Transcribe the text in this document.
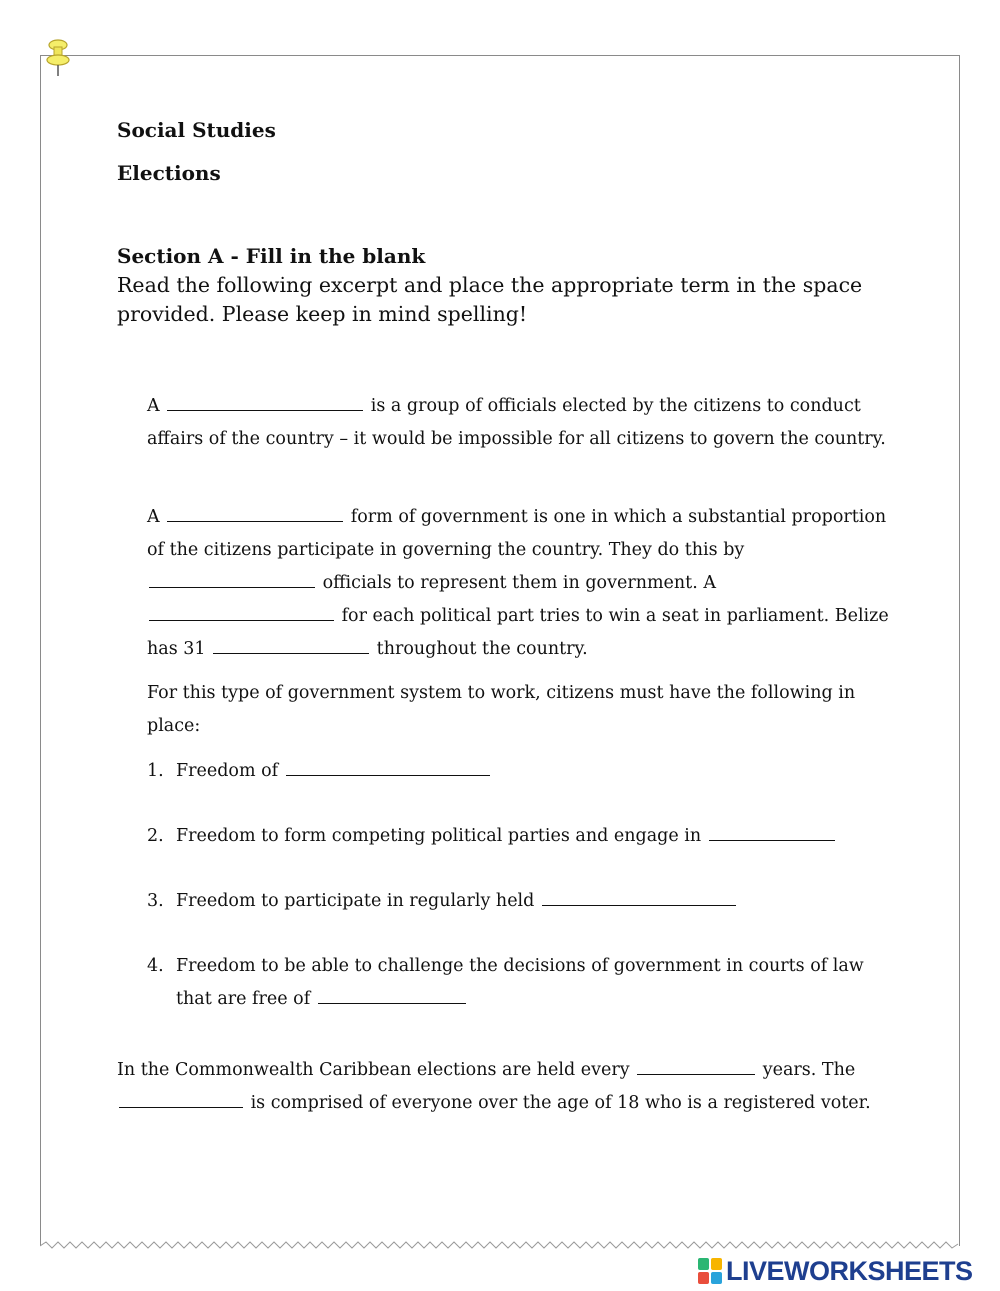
Social Studies
Elections
Section A - Fill in the blank
Read the following excerpt and place the appropriate term in the space provided. Please keep in mind spelling!
A	is a group of officials elected by the citizens to conduct affairs of the country – it would be impossible for all citizens to govern the country.
A	form of government is one in which a substantial proportion of the citizens participate in governing the country. They do this by  officials to represent them in government. A  for each political part tries to win a seat in parliament. Belize has 31	throughout the country.
For this type of government system to work, citizens must have the following in place:
1. Freedom of
2. Freedom to form competing political parties and engage in
3. Freedom to participate in regularly held
4. Freedom to be able to challenge the decisions of government in courts of law that are free of
In the Commonwealth Caribbean elections are held every	years. The  is comprised of everyone over the age of 18 who is a registered voter.
LIVEWORKSHEETS
